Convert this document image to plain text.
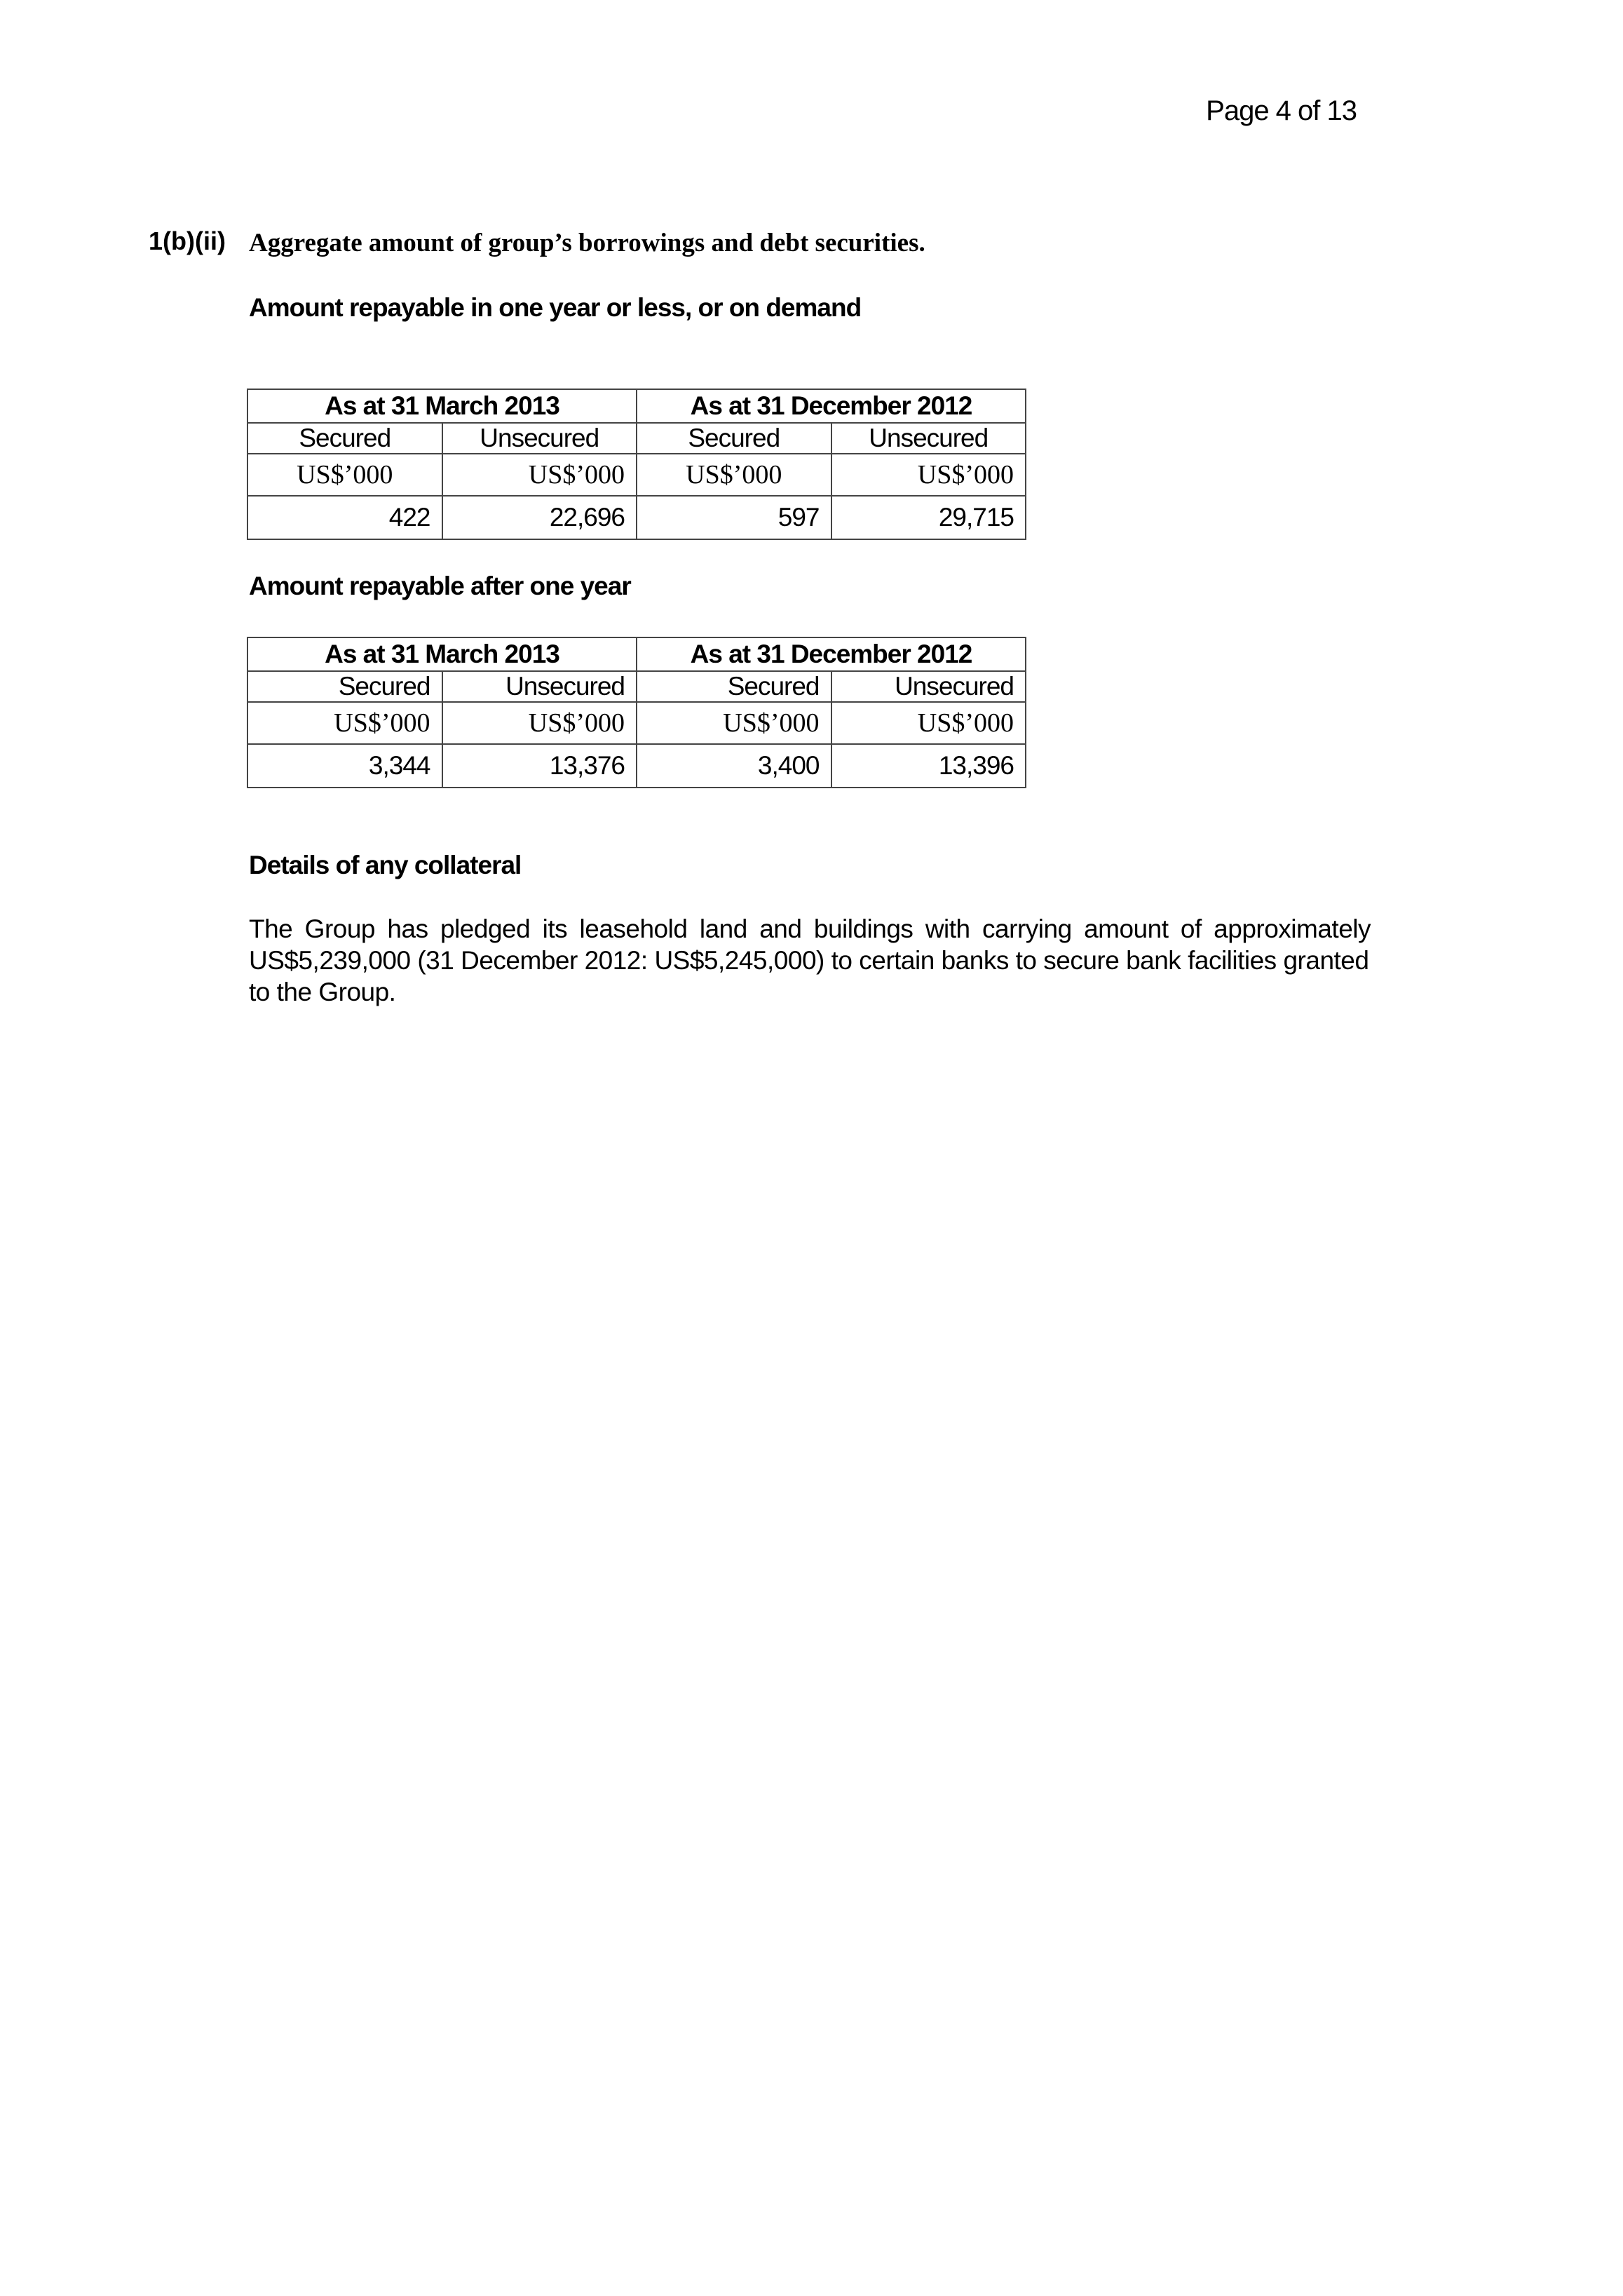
Page 4 of 13
1(b)(ii) Aggregate amount of group’s borrowings and debt securities.
Amount repayable in one year or less, or on demand
As at 31 March 2013		As at 31 December 2012	
Secured	Unsecured	Secured	Unsecured
US$’000	US$’000	US$’000	US$’000
422	22,696	597	29,715
Amount repayable after one year
As at 31 March 2013		As at 31 December 2012	
Secured	Unsecured	Secured	Unsecured
US$’000	US$’000	US$’000	US$’000
3,344	13,376	3,400	13,396
Details of any collateral
The Group has pledged its leasehold land and buildings with carrying amount of approximately
US$5,239,000 (31 December 2012: US$5,245,000) to certain banks to secure bank facilities granted
to the Group.
